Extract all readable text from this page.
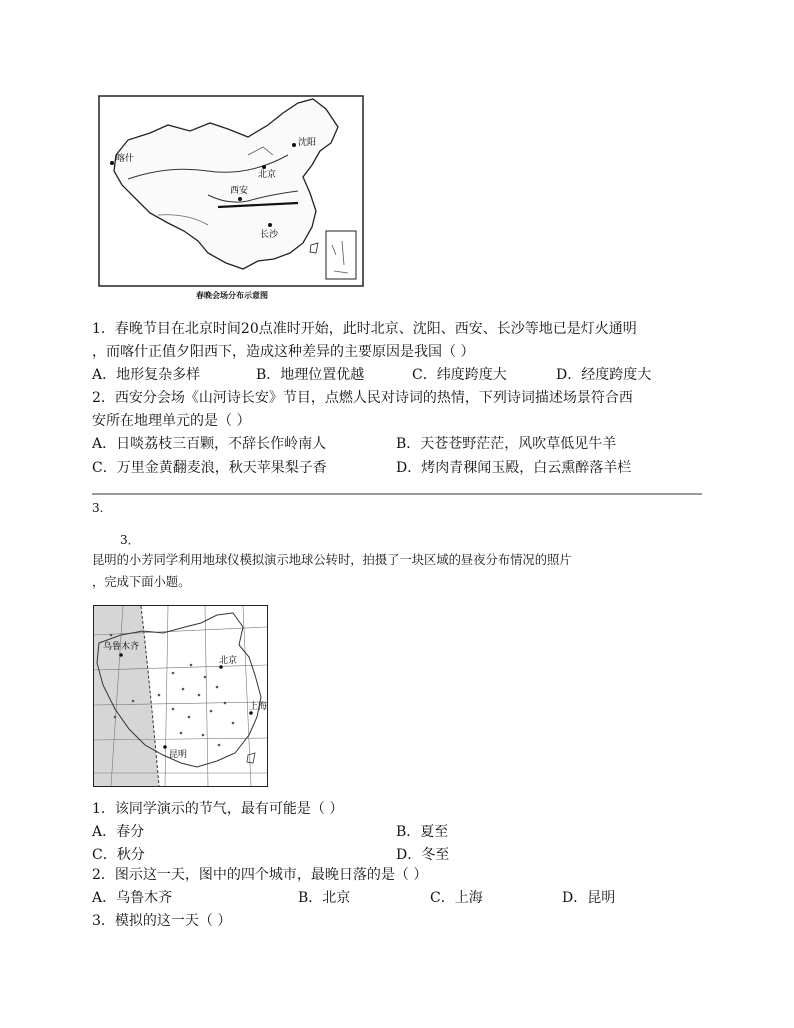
喀什
沈阳
北京
西安
长沙
春晚会场分布示意图
1．春晚节目在北京时间20点准时开始，此时北京、沈阳、西安、长沙等地已是灯火通明
，而喀什正值夕阳西下，造成这种差异的主要原因是我国（ ）
A．地形复杂多样	B．地理位置优越	C．纬度跨度大	D．经度跨度大
2．西安分会场《山河诗长安》节目，点燃人民对诗词的热情，下列诗词描述场景符合西
安所在地理单元的是（ ）
A．日啖荔枝三百颗，不辞长作岭南人	B．天苍苍野茫茫，风吹草低见牛羊
C．万里金黄翻麦浪，秋天苹果梨子香	D．烤肉青稞闻玉殿，白云熏醉落羊栏
3.
3．
昆明的小芳同学利用地球仪模拟演示地球公转时，拍摄了一块区域的昼夜分布情况的照片
，完成下面小题。
乌鲁木齐
北京
上海
昆明
1．该同学演示的节气，最有可能是（ ）
A．春分	B．夏至
C．秋分	D．冬至
2．图示这一天，图中的四个城市，最晚日落的是（ ）
A．乌鲁木齐	B．北京	C．上海	D．昆明
3．模拟的这一天（ ）
